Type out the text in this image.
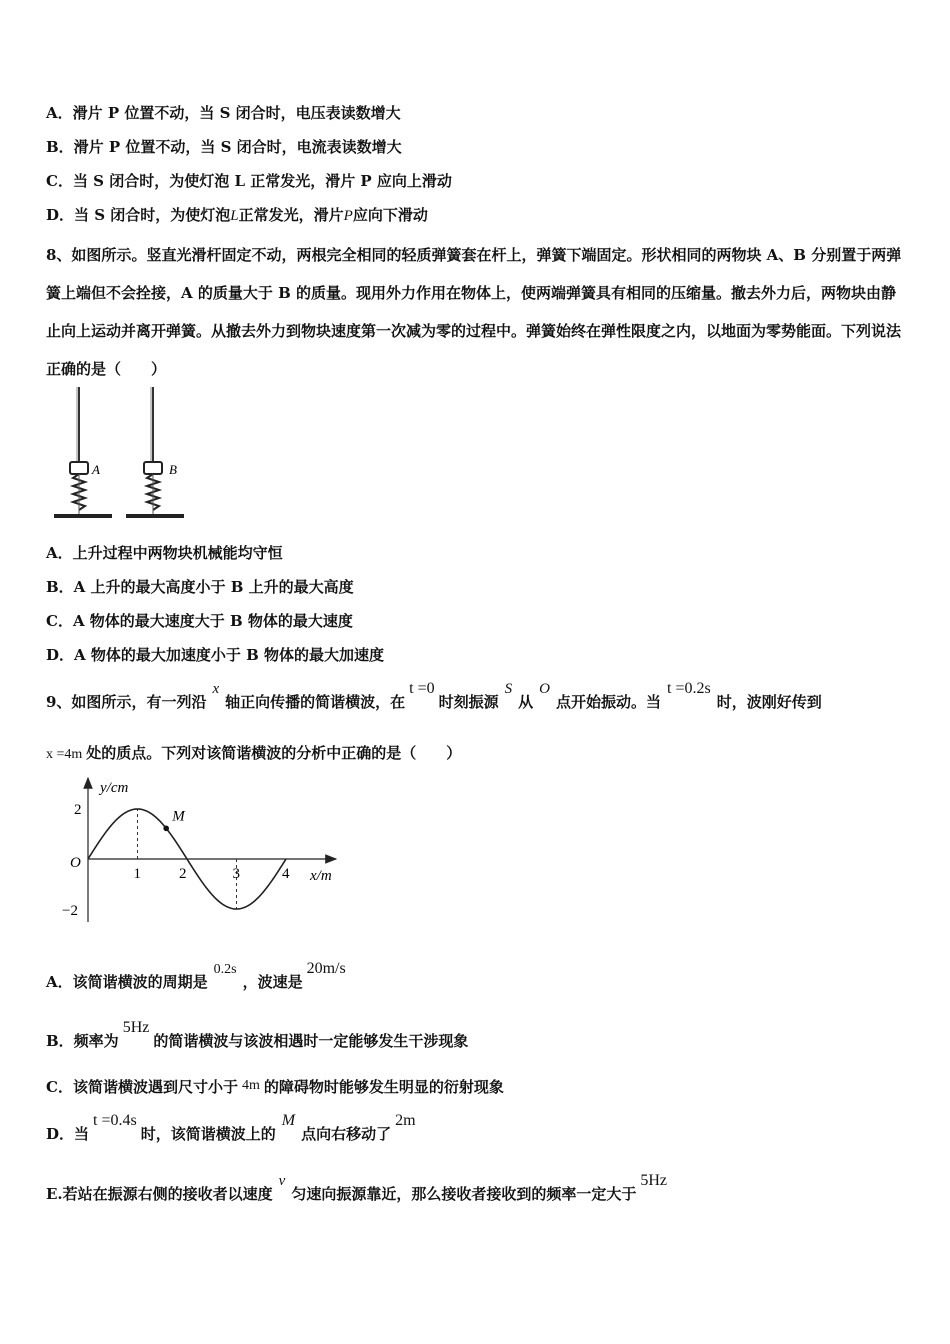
A．滑片 P 位置不动，当 S 闭合时，电压表读数增大
B．滑片 P 位置不动，当 S 闭合时，电流表读数增大
C．当 S 闭合时，为使灯泡 L 正常发光，滑片 P 应向上滑动
D．当 S 闭合时，为使灯泡L正常发光，滑片P应向下滑动
8、如图所示。竖直光滑杆固定不动，两根完全相同的轻质弹簧套在杆上，弹簧下端固定。形状相同的两物块 A、B 分别置于两弹簧上端但不会拴接，A 的质量大于 B 的质量。现用外力作用在物体上，使两端弹簧具有相同的压缩量。撤去外力后，两物块由静止向上运动并离开弹簧。从撤去外力到物块速度第一次减为零的过程中。弹簧始终在弹性限度之内，以地面为零势能面。下列说法正确的是（　　）
A	B
A．上升过程中两物块机械能均守恒
B．A 上升的最大高度小于 B 上升的最大高度
C．A 物体的最大速度大于 B 物体的最大速度
D．A 物体的最大加速度小于 B 物体的最大加速度
9、如图所示，有一列沿x轴正向传播的简谐横波，在t =0时刻振源S从O点开始振动。当t =0.2s时，波刚好传到
x =4m 处的质点。下列对该简谐横波的分析中正确的是（　　）
y/cm
x/m
O
2
−2
1	2	3	4
M
A．该简谐横波的周期是0.2s，波速是20m/s
B．频率为5Hz的简谐横波与该波相遇时一定能够发生干涉现象
C．该简谐横波遇到尺寸小于 4m 的障碍物时能够发生明显的衍射现象
D．当t =0.4s时，该简谐横波上的M点向右移动了2m
E.若站在振源右侧的接收者以速度v匀速向振源靠近，那么接收者接收到的频率一定大于5Hz
